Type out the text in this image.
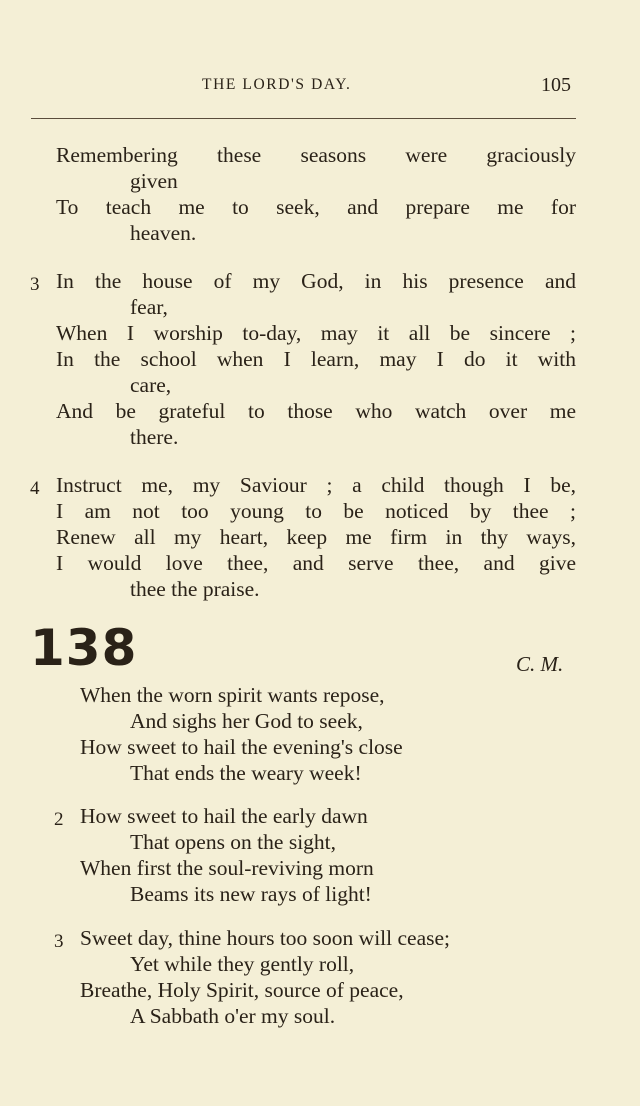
THE LORD'S DAY.	105
Remembering these seasons were graciously
given
To teach me to seek, and prepare me for
heaven.
3 In the house of my God, in his presence and
fear,
When I worship to-day, may it all be sincere ;
In the school when I learn, may I do it with
care,
And be grateful to those who watch over me
there.
4 Instruct me, my Saviour ; a child though I be,
I am not too young to be noticed by thee ;
Renew all my heart, keep me firm in thy ways,
I would love thee, and serve thee, and give
thee the praise.
138	C. M.
When the worn spirit wants repose,
And sighs her God to seek,
How sweet to hail the evening's close
That ends the weary week!
2 How sweet to hail the early dawn
That opens on the sight,
When first the soul-reviving morn
Beams its new rays of light!
3 Sweet day, thine hours too soon will cease;
Yet while they gently roll,
Breathe, Holy Spirit, source of peace,
A Sabbath o'er my soul.
